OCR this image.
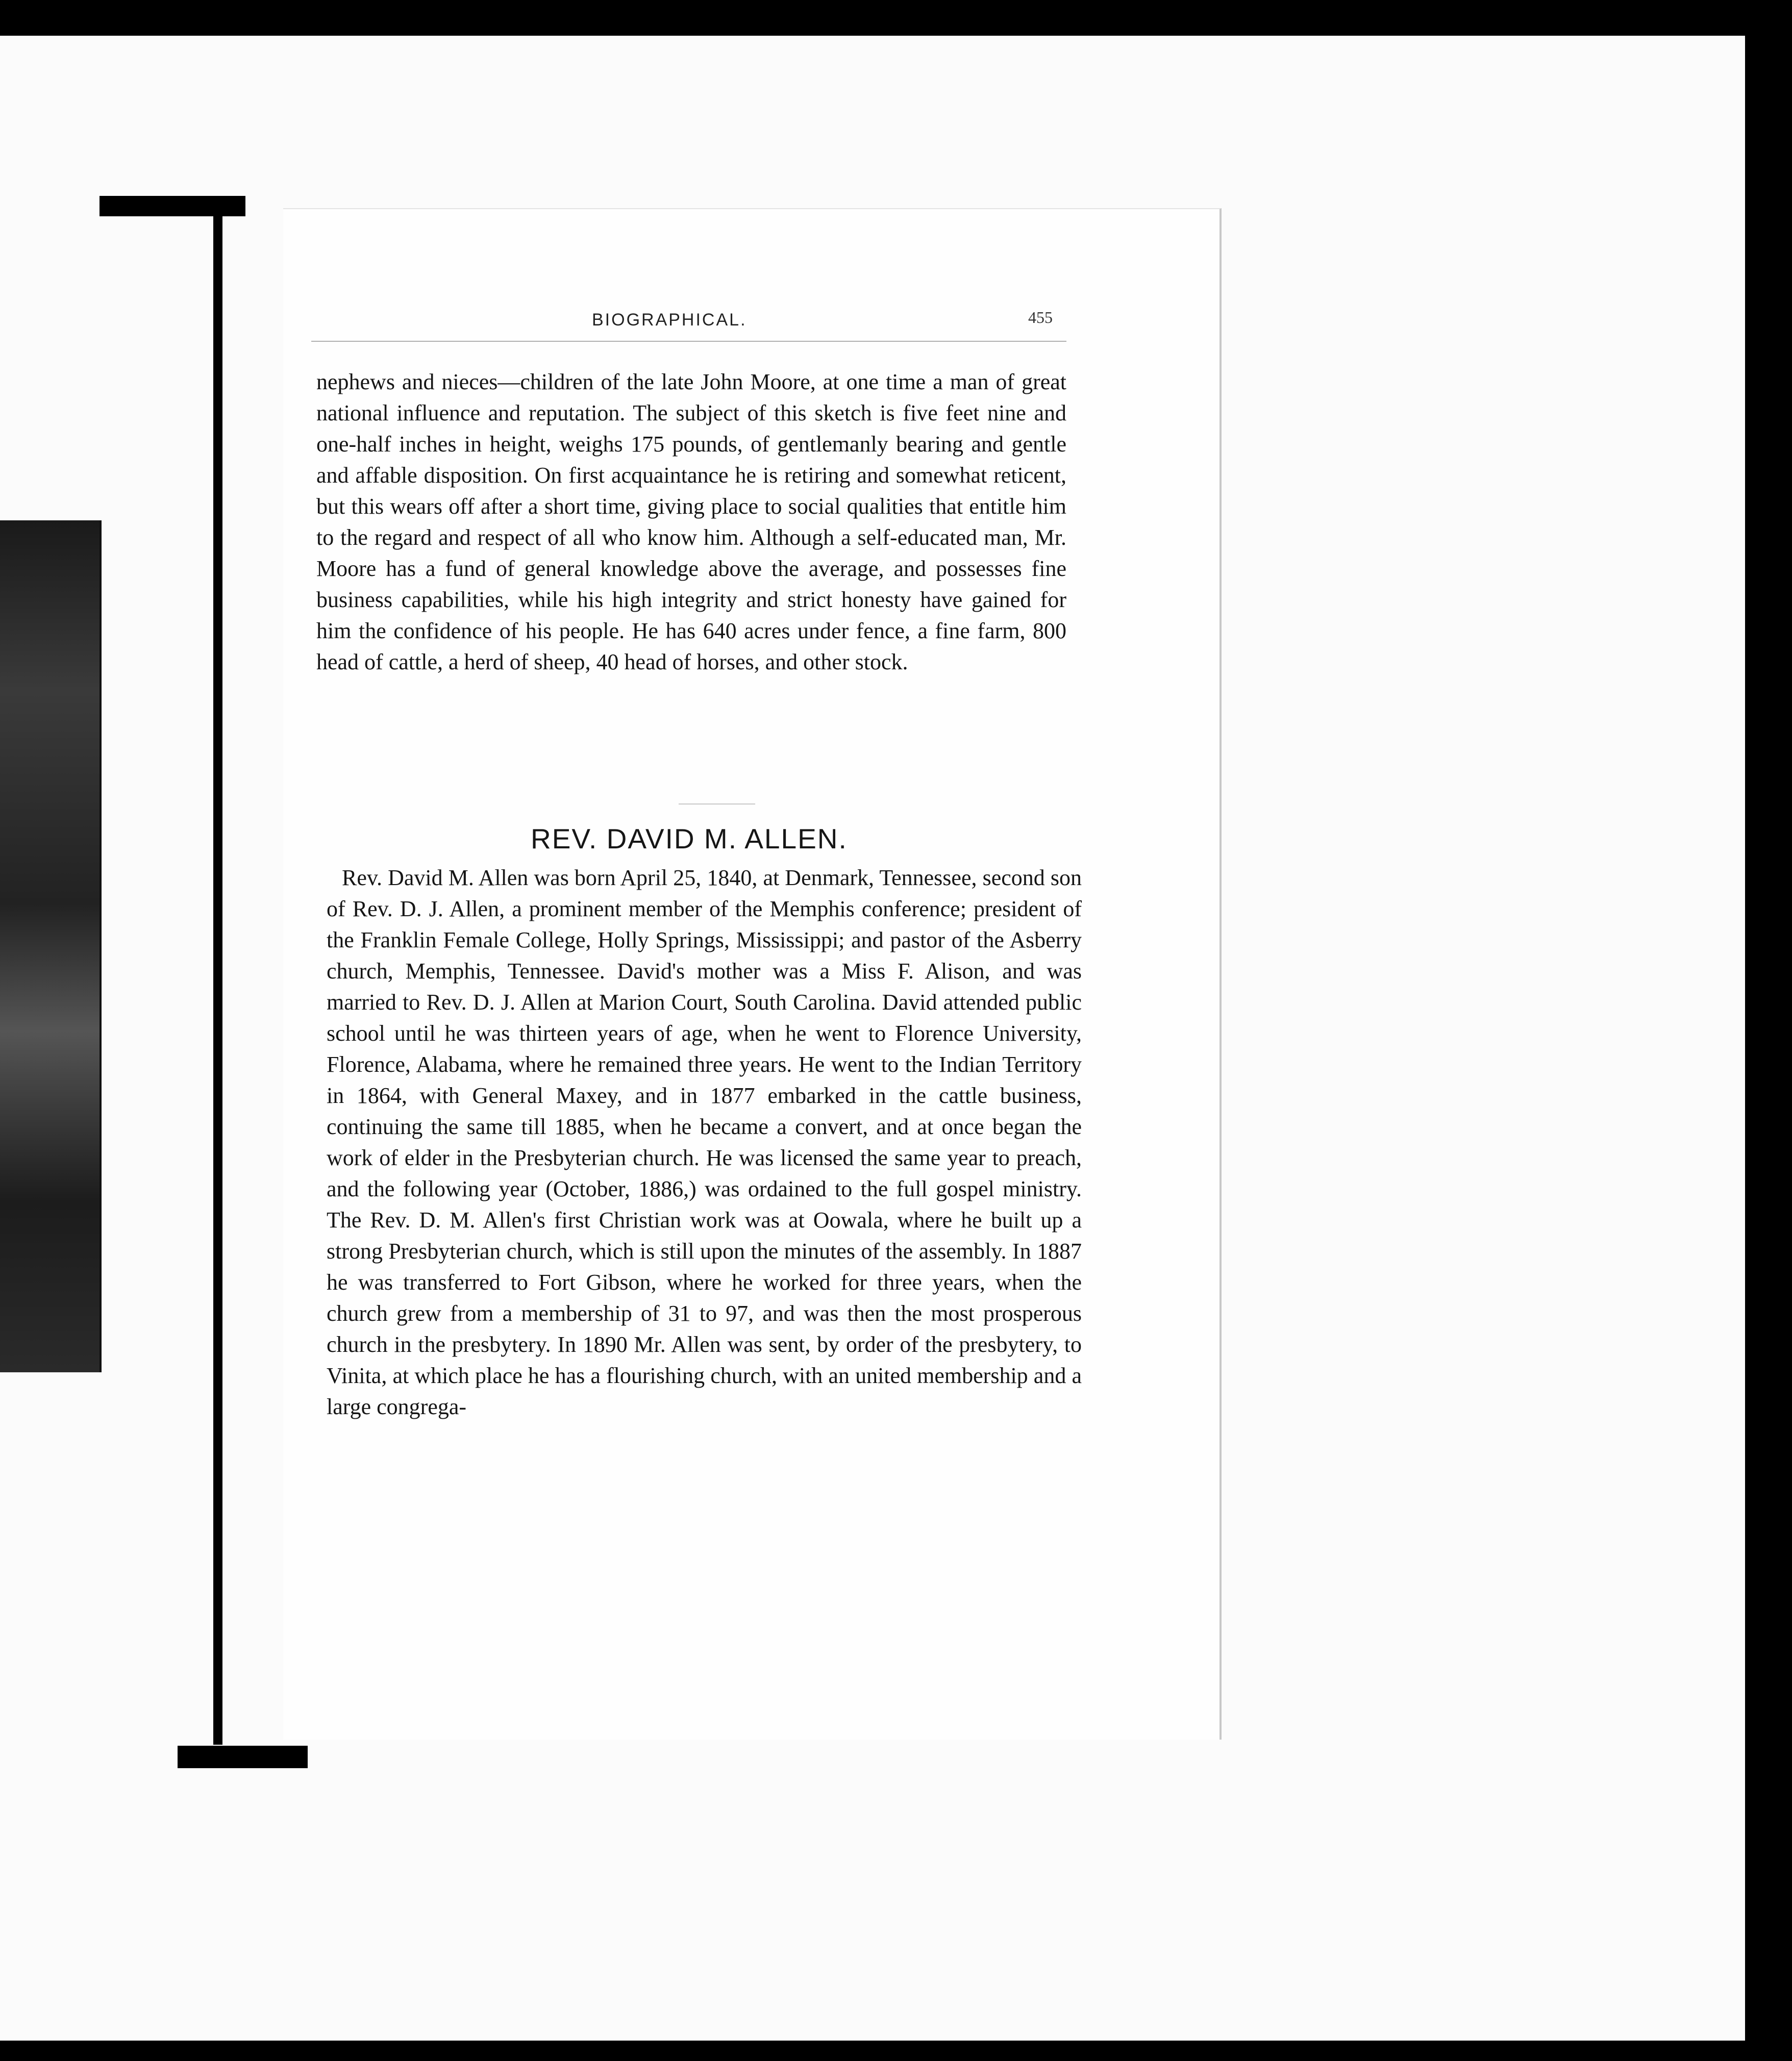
BIOGRAPHICAL.	455
nephews and nieces—children of the late John Moore, at one time a man of great national influence and reputation. The subject of this sketch is five feet nine and one-half inches in height, weighs 175 pounds, of gentlemanly bearing and gentle and affable disposition. On first acquaintance he is retiring and somewhat reticent, but this wears off after a short time, giving place to social qualities that entitle him to the regard and respect of all who know him. Although a self-educated man, Mr. Moore has a fund of general knowledge above the average, and possesses fine business capabilities, while his high integrity and strict honesty have gained for him the confidence of his people. He has 640 acres under fence, a fine farm, 800 head of cattle, a herd of sheep, 40 head of horses, and other stock.
REV. DAVID M. ALLEN.
Rev. David M. Allen was born April 25, 1840, at Denmark, Tennessee, second son of Rev. D. J. Allen, a prominent member of the Memphis conference; president of the Franklin Female College, Holly Springs, Mississippi; and pastor of the Asberry church, Memphis, Tennessee. David's mother was a Miss F. Alison, and was married to Rev. D. J. Allen at Marion Court, South Carolina. David attended public school until he was thirteen years of age, when he went to Florence University, Florence, Alabama, where he remained three years. He went to the Indian Territory in 1864, with General Maxey, and in 1877 embarked in the cattle business, continuing the same till 1885, when he became a convert, and at once began the work of elder in the Presbyterian church. He was licensed the same year to preach, and the following year (October, 1886,) was ordained to the full gospel ministry. The Rev. D. M. Allen's first Christian work was at Oowala, where he built up a strong Presbyterian church, which is still upon the minutes of the assembly. In 1887 he was transferred to Fort Gibson, where he worked for three years, when the church grew from a membership of 31 to 97, and was then the most prosperous church in the presbytery. In 1890 Mr. Allen was sent, by order of the presbytery, to Vinita, at which place he has a flourishing church, with an united membership and a large congrega-
